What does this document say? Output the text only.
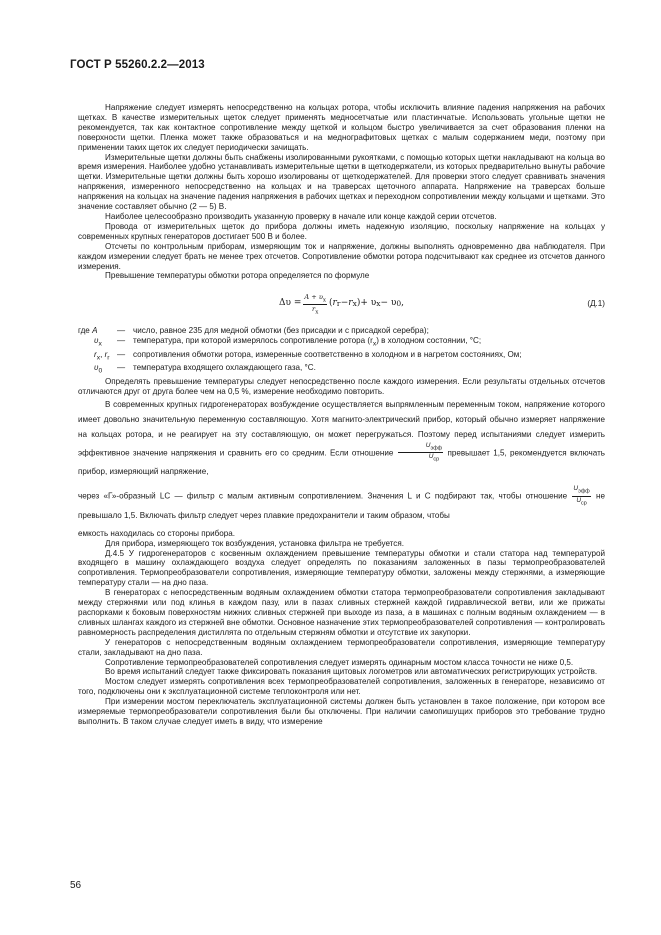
ГОСТ Р 55260.2.2—2013

Напряжение следует измерять непосредственно на кольцах ротора, чтобы исключить влияние падения напряжения на рабочих щетках. В качестве измерительных щеток следует применять медносетчатые или пластинчатые. Использовать угольные щетки не рекомендуется, так как контактное сопротивление между щеткой и кольцом быстро увеличивается за счет образования пленки на поверхности щетки. Пленка может также образоваться и на меднографитовых щетках с малым содержанием меди, поэтому при применении таких щеток их следует периодически зачищать.

Измерительные щетки должны быть снабжены изолированными рукоятками, с помощью которых щетки накладывают на кольца во время измерения. Наиболее удобно устанавливать измерительные щетки в щеткодержатели, из которых предварительно вынуты рабочие щетки. Измерительные щетки должны быть хорошо изолированы от щеткодержателей. Для проверки этого следует сравнивать значения напряжения, измеренного непосредственно на кольцах и на траверсах щеточного аппарата. Напряжение на траверсах больше напряжения на кольцах на значение падения напряжения в рабочих щетках и переходном сопротивлении между кольцами и щетками. Это значение составляет обычно (2 — 5) В.

Наиболее целесообразно производить указанную проверку в начале или конце каждой серии отсчетов.

Провода от измерительных щеток до прибора должны иметь надежную изоляцию, поскольку напряжение на кольцах у современных крупных генераторов достигает 500 В и более.

Отсчеты по контрольным приборам, измеряющим ток и напряжение, должны выполнять одновременно два наблюдателя. При каждом измерении следует брать не менее трех отсчетов. Сопротивление обмотки ротора подсчитывают как среднее из отсчетов данного измерения.

Превышение температуры обмотки ротора определяется по формуле

$\Delta\upsilon = \frac{A + \upsilon_x}{r_x}$ ( r г − r x ) + υ x − υ 0 ,	(Д.1)
где A	— число, равное 235 для медной обмотки (без присадки и с присадкой серебра);
$\upsilon_x$	— температура, при которой измерялось сопротивление ротора $(r_x)$ в холодном состоянии, °С;
$r_x$, $r_г$ — сопротивления обмотки ротора, измеренные соответственно в холодном и в нагретом состояниях, Ом;
$\upsilon_0$	— температура входящего охлаждающего газа, °С.

Определять превышение температуры следует непосредственно после каждого измерения. Если результаты отдельных отсчетов отличаются друг от друга более чем на 0,5 %, измерение необходимо повторить.

В современных крупных гидрогенераторах возбуждение осуществляется выпрямленным переменным током, напряжение которого имеет довольно значительную переменную составляющую. Хотя магнито-электрический прибор, который обычно измеряет напряжение на кольцах ротора, и не реагирует на эту составляющую, он может перегружаться. Поэтому перед испытаниями следует измерить эффективное значение напряжения и сравнить его со средним. Если отношение $\frac{U_{эфф}}{U_{ср}}$ превышает 1,5, рекомендуется включать прибор, измеряющий напряжение,

через «Г»-образный LC — фильтр с малым активным сопротивлением. Значения L и С подбирают так, чтобы отношение $\frac{U_{эфф}}{U_{ср}}$ не превышало 1,5. Включать фильтр следует через плавкие предохранители и таким образом, чтобы

емкость находилась со стороны прибора.

Для прибора, измеряющего ток возбуждения, установка фильтра не требуется.

Д.4.5 У гидрогенераторов с косвенным охлаждением превышение температуры обмотки и стали статора над температурой входящего в машину охлаждающего воздуха следует определять по показаниям заложенных в пазы термопреобразователей сопротивления. Термопреобразователи сопротивления, измеряющие температуру обмотки, заложены между стержнями, а измеряющие температуру стали — на дно паза.

В генераторах с непосредственным водяным охлаждением обмотки статора термопреобразователи сопротивления закладывают между стержнями или под клинья в каждом пазу, или в пазах сливных стержней каждой гидравлической ветви, или же прижаты распорками к боковым поверхностям нижних сливных стержней при выходе из паза, а в машинах с полным водяным охлаждением — в сливных шлангах каждого из стержней вне обмотки. Основное назначение этих термопреобразователей сопротивления — контролировать равномерность распределения дистиллята по отдельным стержням обмотки и отсутствие их закупорки.

У генераторов с непосредственным водяным охлаждением термопреобразователи сопротивления, измеряющие температуру стали, закладывают на дно паза.

Сопротивление термопреобразователей сопротивления следует измерять одинарным мостом класса точности не ниже 0,5.

Во время испытаний следует также фиксировать показания щитовых логометров или автоматических регистрирующих устройств.

Мостом следует измерять сопротивления всех термопреобразователей сопротивления, заложенных в генераторе, независимо от того, подключены они к эксплуатационной системе теплоконтроля или нет.

При измерении мостом переключатель эксплуатационной системы должен быть установлен в такое положение, при котором все измеряемые термопреобразователи сопротивления были бы отключены. При наличии самопишущих приборов это требование трудно выполнить. В таком случае следует иметь в виду, что измерение

56
